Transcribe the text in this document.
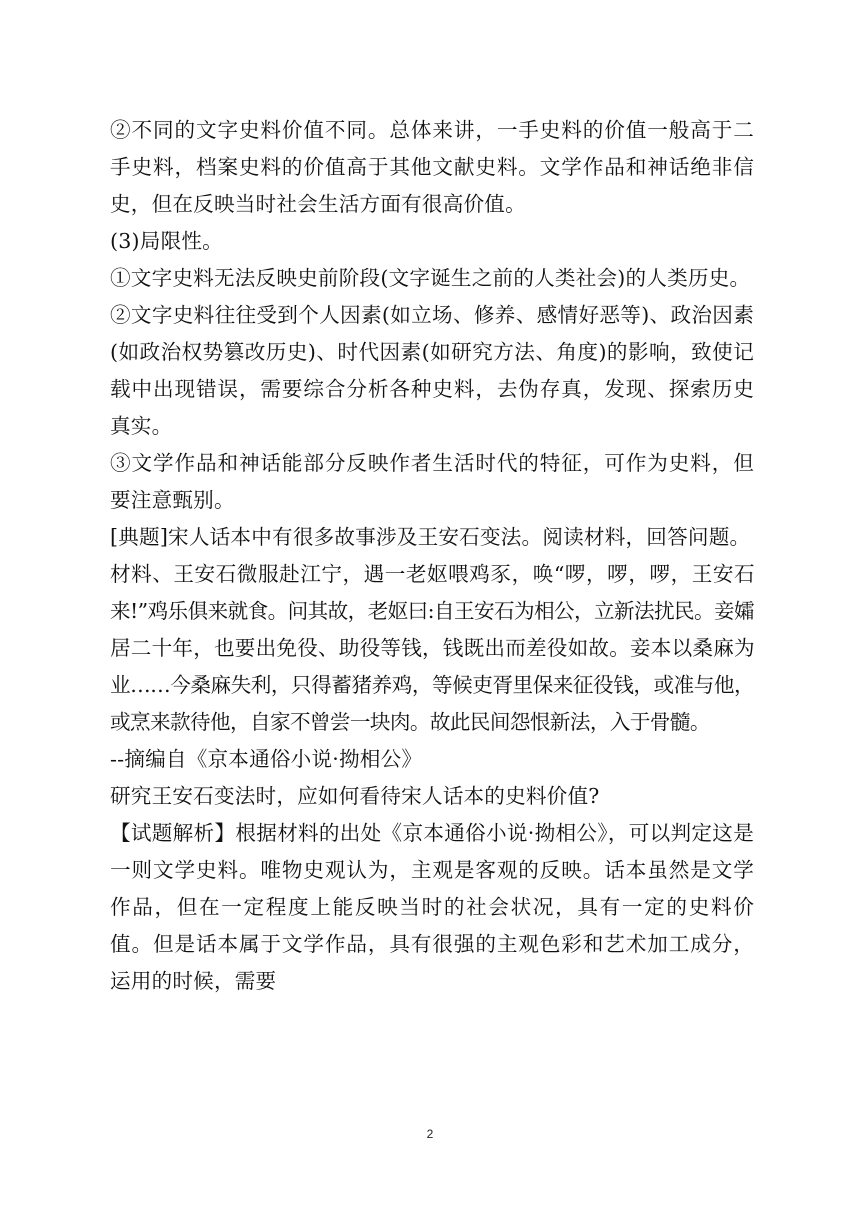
②不同的文字史料价值不同。总体来讲，一手史料的价值一般高于二手史料，档案史料的价值高于其他文献史料。文学作品和神话绝非信史，但在反映当时社会生活方面有很高价值。

(3)局限性。

①文字史料无法反映史前阶段(文字诞生之前的人类社会)的人类历史。

②文字史料往往受到个人因素(如立场、修养、感情好恶等)、政治因素(如政治权势篡改历史)、时代因素(如研究方法、角度)的影响，致使记载中出现错误，需要综合分析各种史料，去伪存真，发现、探索历史真实。

③文学作品和神话能部分反映作者生活时代的特征，可作为史料，但要注意甄别。

[典题]宋人话本中有很多故事涉及王安石变法。阅读材料，回答问题。

材料、王安石微服赴江宁，遇一老妪喂鸡豕，唤“啰，啰，啰，王安石来!”鸡乐俱来就食。问其故，老妪曰:自王安石为相公，立新法扰民。妾孀居二十年，也要出免役、助役等钱，钱既出而差役如故。妾本以桑麻为业……今桑麻失利，只得蓄猪养鸡，等候吏胥里保来征役钱，或准与他，或烹来款待他，自家不曾尝一块肉。故此民间怨恨新法，入于骨髓。

--摘编自《京本通俗小说·拗相公》

研究王安石变法时，应如何看待宋人话本的史料价值?

【试题解析】根据材料的出处《京本通俗小说·拗相公》，可以判定这是一则文学史料。唯物史观认为，主观是客观的反映。话本虽然是文学作品，但在一定程度上能反映当时的社会状况，具有一定的史料价值。但是话本属于文学作品，具有很强的主观色彩和艺术加工成分，运用的时候，需要

2
